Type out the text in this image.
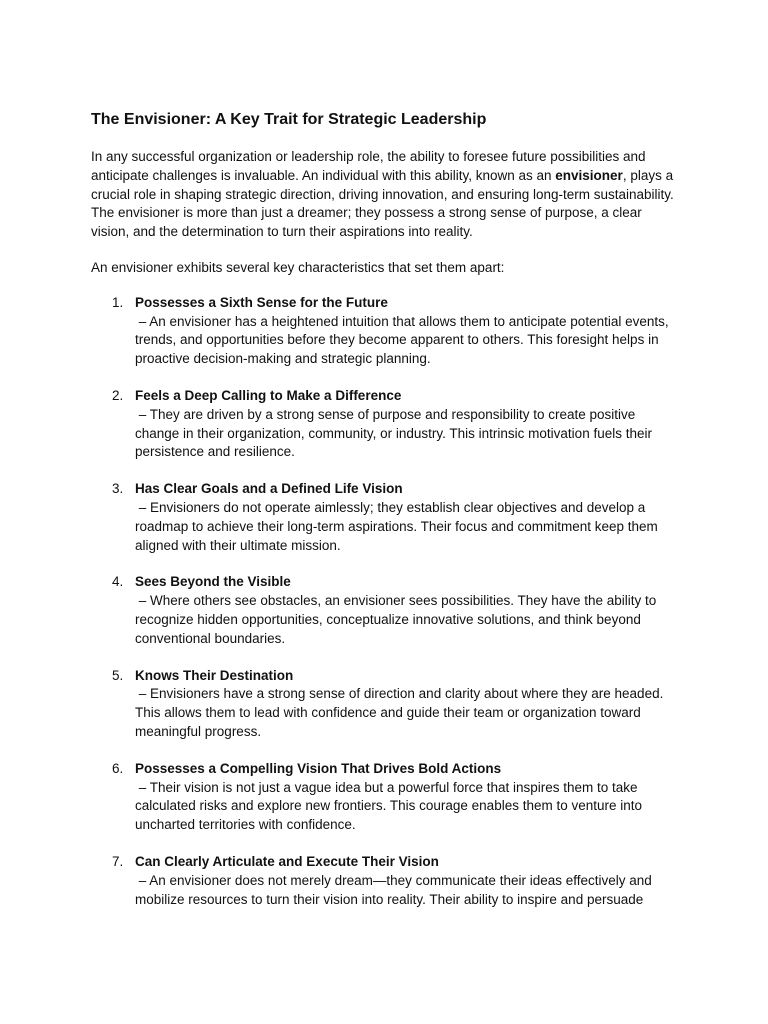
The Envisioner: A Key Trait for Strategic Leadership

In any successful organization or leadership role, the ability to foresee future possibilities and anticipate challenges is invaluable. An individual with this ability, known as an envisioner, plays a crucial role in shaping strategic direction, driving innovation, and ensuring long-term sustainability. The envisioner is more than just a dreamer; they possess a strong sense of purpose, a clear vision, and the determination to turn their aspirations into reality.

An envisioner exhibits several key characteristics that set them apart:

1. Possesses a Sixth Sense for the Future
– An envisioner has a heightened intuition that allows them to anticipate potential events, trends, and opportunities before they become apparent to others. This foresight helps in proactive decision-making and strategic planning.
2. Feels a Deep Calling to Make a Difference
– They are driven by a strong sense of purpose and responsibility to create positive change in their organization, community, or industry. This intrinsic motivation fuels their persistence and resilience.
3. Has Clear Goals and a Defined Life Vision
– Envisioners do not operate aimlessly; they establish clear objectives and develop a roadmap to achieve their long-term aspirations. Their focus and commitment keep them aligned with their ultimate mission.
4. Sees Beyond the Visible
– Where others see obstacles, an envisioner sees possibilities. They have the ability to recognize hidden opportunities, conceptualize innovative solutions, and think beyond conventional boundaries.
5. Knows Their Destination
– Envisioners have a strong sense of direction and clarity about where they are headed. This allows them to lead with confidence and guide their team or organization toward meaningful progress.
6. Possesses a Compelling Vision That Drives Bold Actions
– Their vision is not just a vague idea but a powerful force that inspires them to take calculated risks and explore new frontiers. This courage enables them to venture into uncharted territories with confidence.
7. Can Clearly Articulate and Execute Their Vision
– An envisioner does not merely dream—they communicate their ideas effectively and mobilize resources to turn their vision into reality. Their ability to inspire and persuade
